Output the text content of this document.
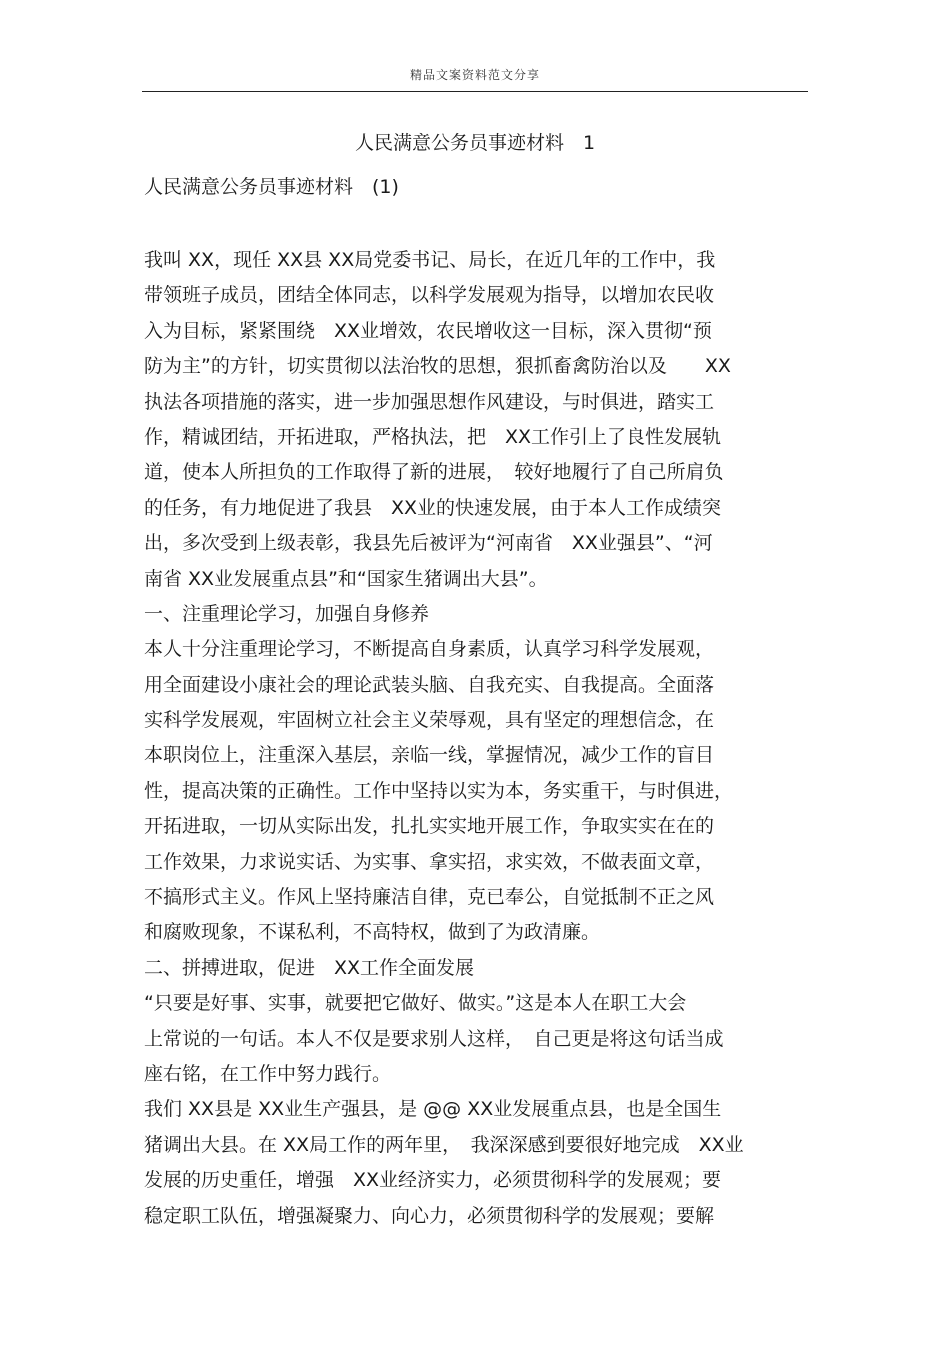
精品文案资料范文分享
人民满意公务员事迹材料　1
人民满意公务员事迹材料　(1)
我叫 XX，现任 XX县 XX局党委书记、局长，在近几年的工作中，我
带领班子成员，团结全体同志，以科学发展观为指导，以增加农民收
入为目标，紧紧围绕　XX业增效，农民增收这一目标，深入贯彻“预
防为主”的方针，切实贯彻以法治牧的思想，狠抓畜禽防治以及　　XX
执法各项措施的落实，进一步加强思想作风建设，与时俱进，踏实工
作，精诚团结，开拓进取，严格执法，把　XX工作引上了良性发展轨
道，使本人所担负的工作取得了新的进展，　较好地履行了自己所肩负
的任务，有力地促进了我县　XX业的快速发展，由于本人工作成绩突
出，多次受到上级表彰，我县先后被评为“河南省　XX业强县”、“河
南省 XX业发展重点县”和“国家生猪调出大县”。
一、注重理论学习，加强自身修养
本人十分注重理论学习，不断提高自身素质，认真学习科学发展观，
用全面建设小康社会的理论武装头脑、自我充实、自我提高。全面落
实科学发展观，牢固树立社会主义荣辱观，具有坚定的理想信念，在
本职岗位上，注重深入基层，亲临一线，掌握情况，减少工作的盲目
性，提高决策的正确性。工作中坚持以实为本，务实重干，与时俱进，
开拓进取，一切从实际出发，扎扎实实地开展工作，争取实实在在的
工作效果，力求说实话、为实事、拿实招，求实效，不做表面文章，
不搞形式主义。作风上坚持廉洁自律，克已奉公，自觉抵制不正之风
和腐败现象，不谋私利，不高特权，做到了为政清廉。
二、拼搏进取，促进　XX工作全面发展
“只要是好事、实事，就要把它做好、做实。”这是本人在职工大会
上常说的一句话。本人不仅是要求别人这样，　自己更是将这句话当成
座右铭，在工作中努力践行。
我们 XX县是 XX业生产强县，是 @@ XX业发展重点县，也是全国生
猪调出大县。在 XX局工作的两年里，　我深深感到要很好地完成　XX业
发展的历史重任，增强　XX业经济实力，必须贯彻科学的发展观；要
稳定职工队伍，增强凝聚力、向心力，必须贯彻科学的发展观；要解
